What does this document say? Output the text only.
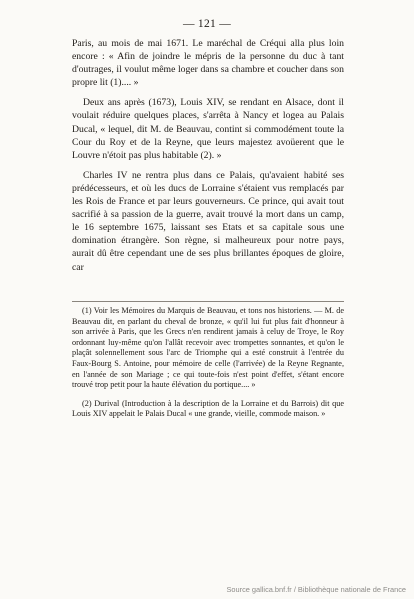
— 121 —

Paris, au mois de mai 1671. Le maréchal de Créqui alla plus loin encore : « Afin de joindre le mépris de la personne du duc à tant d'outrages, il voulut même loger dans sa chambre et coucher dans son propre lit (1).... »

Deux ans après (1673), Louis XIV, se rendant en Alsace, dont il voulait réduire quelques places, s'arrêta à Nancy et logea au Palais Ducal, « lequel, dit M. de Beauvau, contint si commodément toute la Cour du Roy et de la Reyne, que leurs majestez avoüerent que le Louvre n'étoit pas plus habitable (2). »

Charles IV ne rentra plus dans ce Palais, qu'avaient habité ses prédécesseurs, et où les ducs de Lorraine s'étaient vus remplacés par les Rois de France et par leurs gouverneurs. Ce prince, qui avait tout sacrifié à sa passion de la guerre, avait trouvé la mort dans un camp, le 16 septembre 1675, laissant ses Etats et sa capitale sous une domination étrangère. Son règne, si malheureux pour notre pays, aurait dû être cependant une de ses plus brillantes époques de gloire, car

(1) Voir les Mémoires du Marquis de Beauvau, et tons nos historiens. — M. de Beauvau dit, en parlant du cheval de bronze, « qu'il lui fut plus fait d'honneur à son arrivée à Paris, que les Grecs n'en rendirent jamais à celuy de Troye, le Roy ordonnant luy-même qu'on l'allât recevoir avec trompettes sonnantes, et qu'on le plaçât solennellement sous l'arc de Triomphe qui a esté construit à l'entrée du Faux-Bourg S. Antoine, pour mémoire de celle (l'arrivée) de la Reyne Regnante, en l'année de son Mariage ; ce qui toute-fois n'est point d'effet, s'étant encore trouvé trop petit pour la haute élévation du portique.... »

(2) Durival (Introduction à la description de la Lorraine et du Barrois) dit que Louis XIV appelait le Palais Ducal « une grande, vieille, commode maison. »

Source gallica.bnf.fr / Bibliothèque nationale de France
